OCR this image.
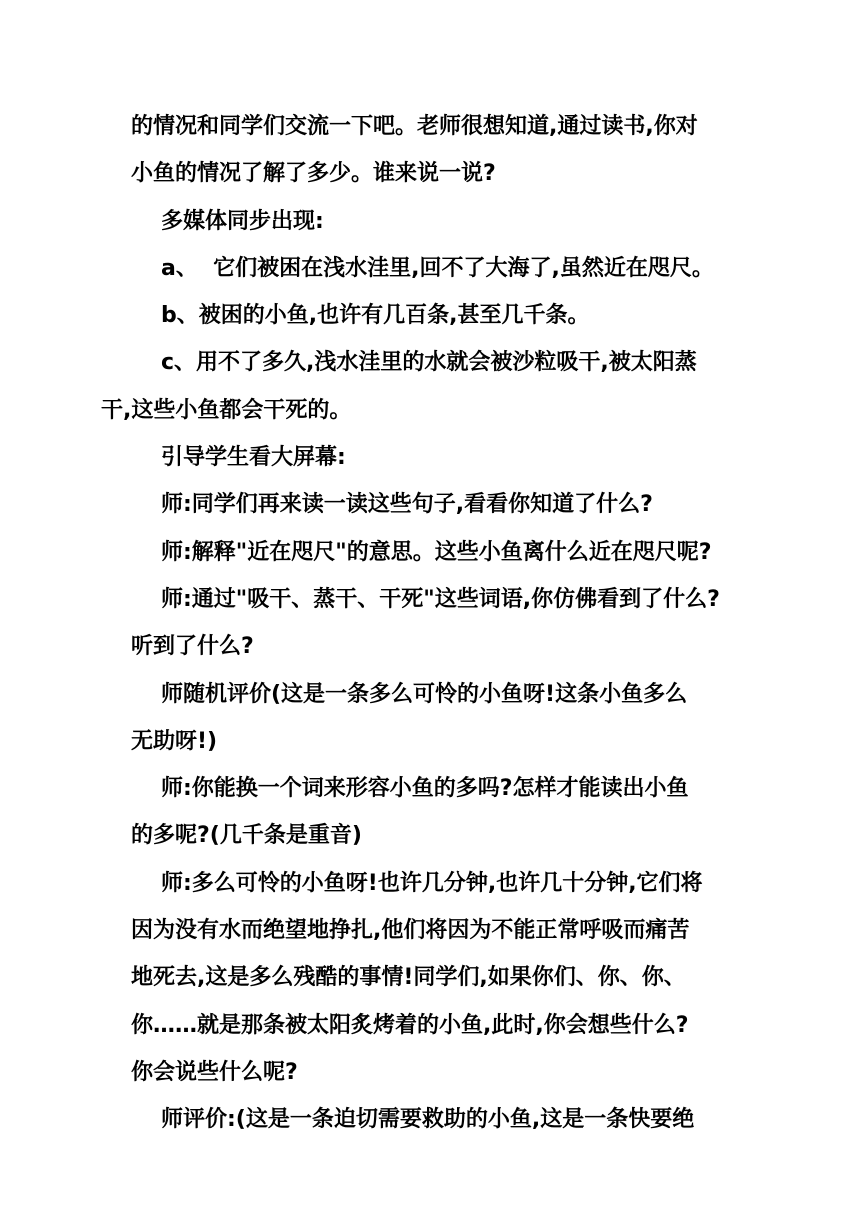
的情况和同学们交流一下吧。老师很想知道,通过读书,你对
小鱼的情况了解了多少。谁来说一说?

多媒体同步出现:

a、  它们被困在浅水洼里,回不了大海了,虽然近在咫尺。

b、被困的小鱼,也许有几百条,甚至几千条。

c、用不了多久,浅水洼里的水就会被沙粒吸干,被太阳蒸
干,这些小鱼都会干死的。

引导学生看大屏幕:

师:同学们再来读一读这些句子,看看你知道了什么?

师:解释"近在咫尺"的意思。这些小鱼离什么近在咫尺呢?

师:通过"吸干、蒸干、干死"这些词语,你仿佛看到了什么?
听到了什么?

师随机评价(这是一条多么可怜的小鱼呀!这条小鱼多么
无助呀!)

师:你能换一个词来形容小鱼的多吗?怎样才能读出小鱼
的多呢?(几千条是重音)

师:多么可怜的小鱼呀!也许几分钟,也许几十分钟,它们将
因为没有水而绝望地挣扎,他们将因为不能正常呼吸而痛苦
地死去,这是多么残酷的事情!同学们,如果你们、你、你、
你……就是那条被太阳炙烤着的小鱼,此时,你会想些什么?
你会说些什么呢?

师评价:(这是一条迫切需要救助的小鱼,这是一条快要绝
